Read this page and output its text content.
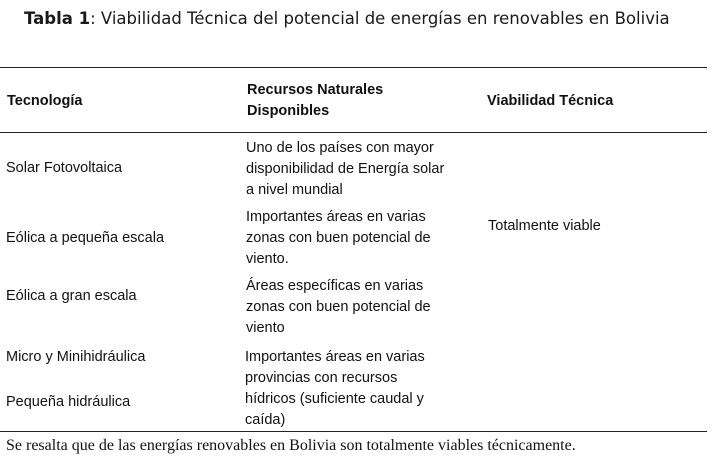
Tabla 1: Viabilidad Técnica del potencial de energías en renovables en Bolivia
Tecnología
Recursos Naturales Disponibles
Viabilidad Técnica
Solar Fotovoltaica
Uno de los países con mayor disponibilidad de Energía solar a nivel mundial
Eólica a pequeña escala
Importantes áreas en varias zonas con buen potencial de viento.
Totalmente viable
Eólica a gran escala
Áreas específicas en varias zonas con buen potencial de viento
Micro y Minihidráulica
Pequeña hidráulica
Importantes áreas en varias provincias con recursos hídricos (suficiente caudal y caída)
Se resalta que de las energías renovables en Bolivia son totalmente viables técnicamente.
